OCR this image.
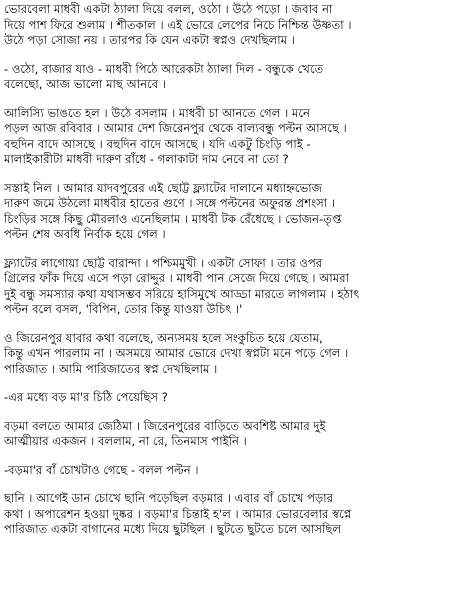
ভোরবেলা মাধবী একটা ঠ্যালা দিয়ে বলল, ওঠো । উঠে পড়ো । জবাব না
দিয়ে পাশ ফিরে শুলাম । শীতকাল । এই ভোরে লেপের নিচে নিশ্চিন্ত উষ্ণতা ।
উঠে পড়া সোজা নয় । তারপর কি যেন একটা স্বপ্নও দেখছিলাম ।
- ওঠো, বাজার যাও - মাধবী পিঠে আরেকটা ঠ্যালা দিল - বন্ধুকে খেতে
বলেছো, আজ ভালো মাছ আনবে ।
আলিস্যি ভাঙতে হল । উঠে বসলাম । মাধবী চা আনতে গেল । মনে
পড়ল আজ রবিবার । আমার দেশ জিরেনপুর থেকে বাল্যবন্ধু পল্টন আসছে ।
বহুদিন বাদে আসছে । বহুদিন বাদে আসছে । যদি একটু চিংড়ি পাই -
মালাইকারীটা মাধবী দারুণ রাঁধে - গলাকাটা দাম নেবে না তো ?
সস্তাই নিল । আমার যাদবপুরের এই ছোট্ট ফ্ল্যাটের দালানে মধ্যাহ্নভোজ
দারুণ জমে উঠলো মাধবীর হাতের গুণে । সঙ্গে পল্টনের অফুরন্ত প্রশংসা ।
চিংড়ির সঙ্গে কিছু মৌরলাও এনেছিলাম । মাধবী টক রেঁধেছে । ভোজন-তৃপ্ত
পল্টন শেষ অবধি নির্বাক হয়ে গেল ।
ফ্ল্যাটের লাগোয়া ছোট্ট বারান্দা । পশ্চিমমুখী । একটা সোফা । তার ওপর
গ্রিলের ফাঁক দিয়ে এসে পড়া রোদ্দুর । মাধবী পান সেজে দিয়ে গেছে । আমরা
দুই বন্ধু সমস্যার কথা যথাসম্ভব সরিয়ে হাসিমুখে আড্ডা মারতে লাগলাম । হঠাৎ
পল্টন বলে বসল, 'বিপিন, তোর কিন্তু যাওয়া উচিৎ ।'
ও জিরেনপুর যাবার কথা বলেছে, অন্যসময় হলে সংকুচিত হয়ে যেতাম,
কিন্তু এখন পারলাম না । অসময়ে আমার ভোরে দেখা স্বপ্নটা মনে পড়ে গেল ।
পারিজাত । আমি পারিজাতের স্বপ্ন দেখছিলাম ।
-এর মধ্যে বড় মা'র চিঠি পেয়েছিস ?
বড়মা বলতে আমার জেঠিমা । জিরেনপুরের বাড়িতে অবশিষ্ট আমার দুই
আত্মীয়ার একজন । বললাম, না রে, তিনমাস পাইনি ।
-বড়মা'র বাঁ চোখটাও গেছে - বলল পল্টন ।
ছানি । আগেই ডান চোখে ছানি পড়েছিল বড়মার । এবার বাঁ চোখে পড়ার
কথা । অপারেশন হওয়া দুষ্কর । বড়মা'র চিন্তাই হ'ল । আমার ভোরবেলার স্বপ্নে
পারিজাত একটা বাগানের মধ্যে দিয়ে ছুটছিল । ছুটতে ছুটতে চলে আসছিল
